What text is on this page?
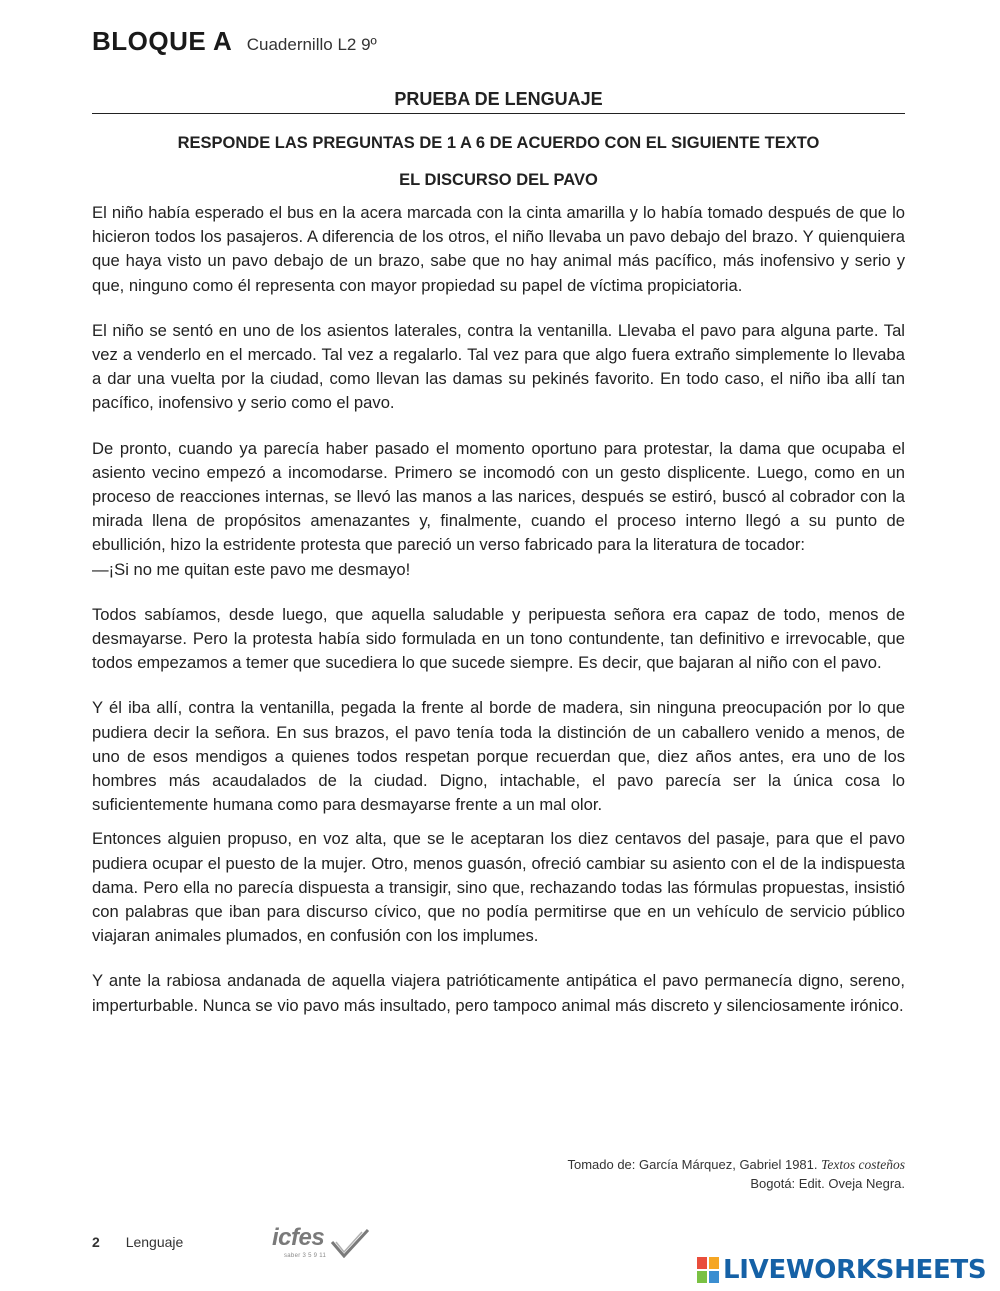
BLOQUE A Cuadernillo L2 9º
PRUEBA DE LENGUAJE
RESPONDE LAS PREGUNTAS DE 1 A 6 DE ACUERDO CON EL SIGUIENTE TEXTO
EL DISCURSO DEL PAVO

El niño había esperado el bus en la acera marcada con la cinta amarilla y lo había tomado después de que lo hicieron todos los pasajeros. A diferencia de los otros, el niño llevaba un pavo debajo del brazo. Y quienquiera que haya visto un pavo debajo de un brazo, sabe que no hay animal más pacífico, más inofensivo y serio y que, ninguno como él representa con mayor propiedad su papel de víctima propiciatoria.

El niño se sentó en uno de los asientos laterales, contra la ventanilla. Llevaba el pavo para alguna parte. Tal vez a venderlo en el mercado. Tal vez a regalarlo. Tal vez para que algo fuera extraño simplemente lo llevaba a dar una vuelta por la ciudad, como llevan las damas su pekinés favorito. En todo caso, el niño iba allí tan pacífico, inofensivo y serio como el pavo.

De pronto, cuando ya parecía haber pasado el momento oportuno para protestar, la dama que ocupaba el asiento vecino empezó a incomodarse. Primero se incomodó con un gesto displicente. Luego, como en un proceso de reacciones internas, se llevó las manos a las narices, después se estiró, buscó al cobrador con la mirada llena de propósitos amenazantes y, finalmente, cuando el proceso interno llegó a su punto de ebullición, hizo la estridente protesta que pareció un verso fabricado para la literatura de tocador:

—¡Si no me quitan este pavo me desmayo!

Todos sabíamos, desde luego, que aquella saludable y peripuesta señora era capaz de todo, menos de desmayarse. Pero la protesta había sido formulada en un tono contundente, tan definitivo e irrevocable, que todos empezamos a temer que sucediera lo que sucede siempre. Es decir, que bajaran al niño con el pavo.

Y él iba allí, contra la ventanilla, pegada la frente al borde de madera, sin ninguna preocupación por lo que pudiera decir la señora. En sus brazos, el pavo tenía toda la distinción de un caballero venido a menos, de uno de esos mendigos a quienes todos respetan porque recuerdan que, diez años antes, era uno de los hombres más acaudalados de la ciudad. Digno, intachable, el pavo parecía ser la única cosa lo suficientemente humana como para desmayarse frente a un mal olor.

Entonces alguien propuso, en voz alta, que se le aceptaran los diez centavos del pasaje, para que el pavo pudiera ocupar el puesto de la mujer. Otro, menos guasón, ofreció cambiar su asiento con el de la indispuesta dama. Pero ella no parecía dispuesta a transigir, sino que, rechazando todas las fórmulas propuestas, insistió con palabras que iban para discurso cívico, que no podía permitirse que en un vehículo de servicio público viajaran animales plumados, en confusión con los implumes.

Y ante la rabiosa andanada de aquella viajera patrióticamente antipática el pavo permanecía digno, sereno, imperturbable. Nunca se vio pavo más insultado, pero tampoco animal más discreto y silenciosamente irónico.

Tomado de: García Márquez, Gabriel 1981. Textos costeños
Bogotá: Edit. Oveja Negra.
2 Lenguaje	icfes
saber 3 5 9 11	LIVEWORKSHEETS
